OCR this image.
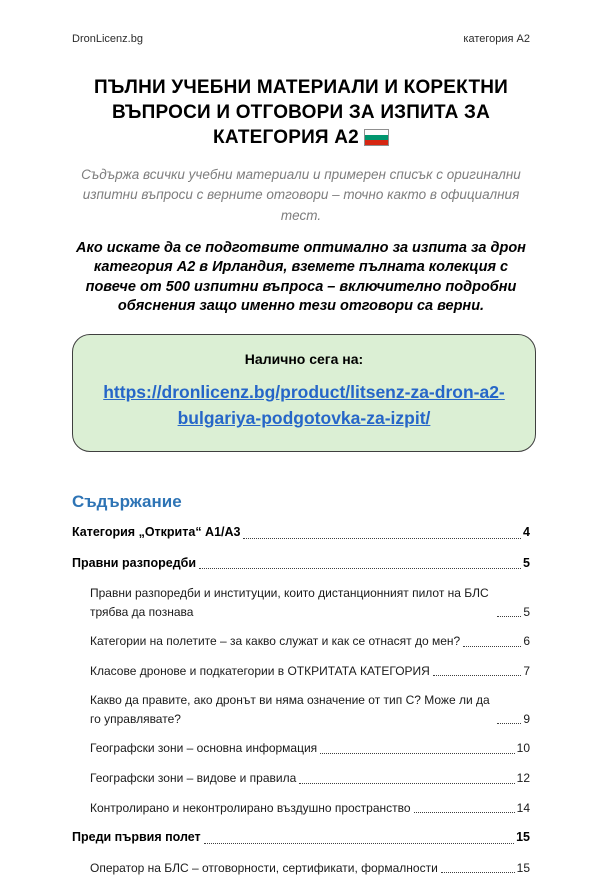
DronLicenz.bg	категория A2
ПЪЛНИ УЧЕБНИ МАТЕРИАЛИ И КОРЕКТНИ ВЪПРОСИ И ОТГОВОРИ ЗА ИЗПИТА ЗА КАТЕГОРИЯ A2

Съдържа всички учебни материали и примерен списък с оригинални изпитни въпроси с верните отговори – точно както в официалния тест.

Ако искате да се подготвите оптимално за изпита за дрон категория A2 в Ирландия, вземете пълната колекция с повече от 500 изпитни въпроса – включително подробни обяснения защо именно тези отговори са верни.

Налично сега на:
https://dronlicenz.bg/product/litsenz-za-dron-a2-bulgariya-podgotovka-za-izpit/
Съдържание
Категория „Открита“ A1/A3	4
Правни разпоредби	5
Правни разпоредби и институции, които дистанционният пилот на БЛС трябва да познава	5
Категории на полетите – за какво служат и как се отнасят до мен?	6
Класове дронове и подкатегории в ОТКРИТАТА КАТЕГОРИЯ	7
Какво да правите, ако дронът ви няма означение от тип С? Може ли да го управлявате?	9
Географски зони – основна информация	10
Географски зони – видове и правила	12
Контролирано и неконтролирано въздушно пространство	14
Преди първия полет	15
Оператор на БЛС – отговорности, сертификати, формалности	15
